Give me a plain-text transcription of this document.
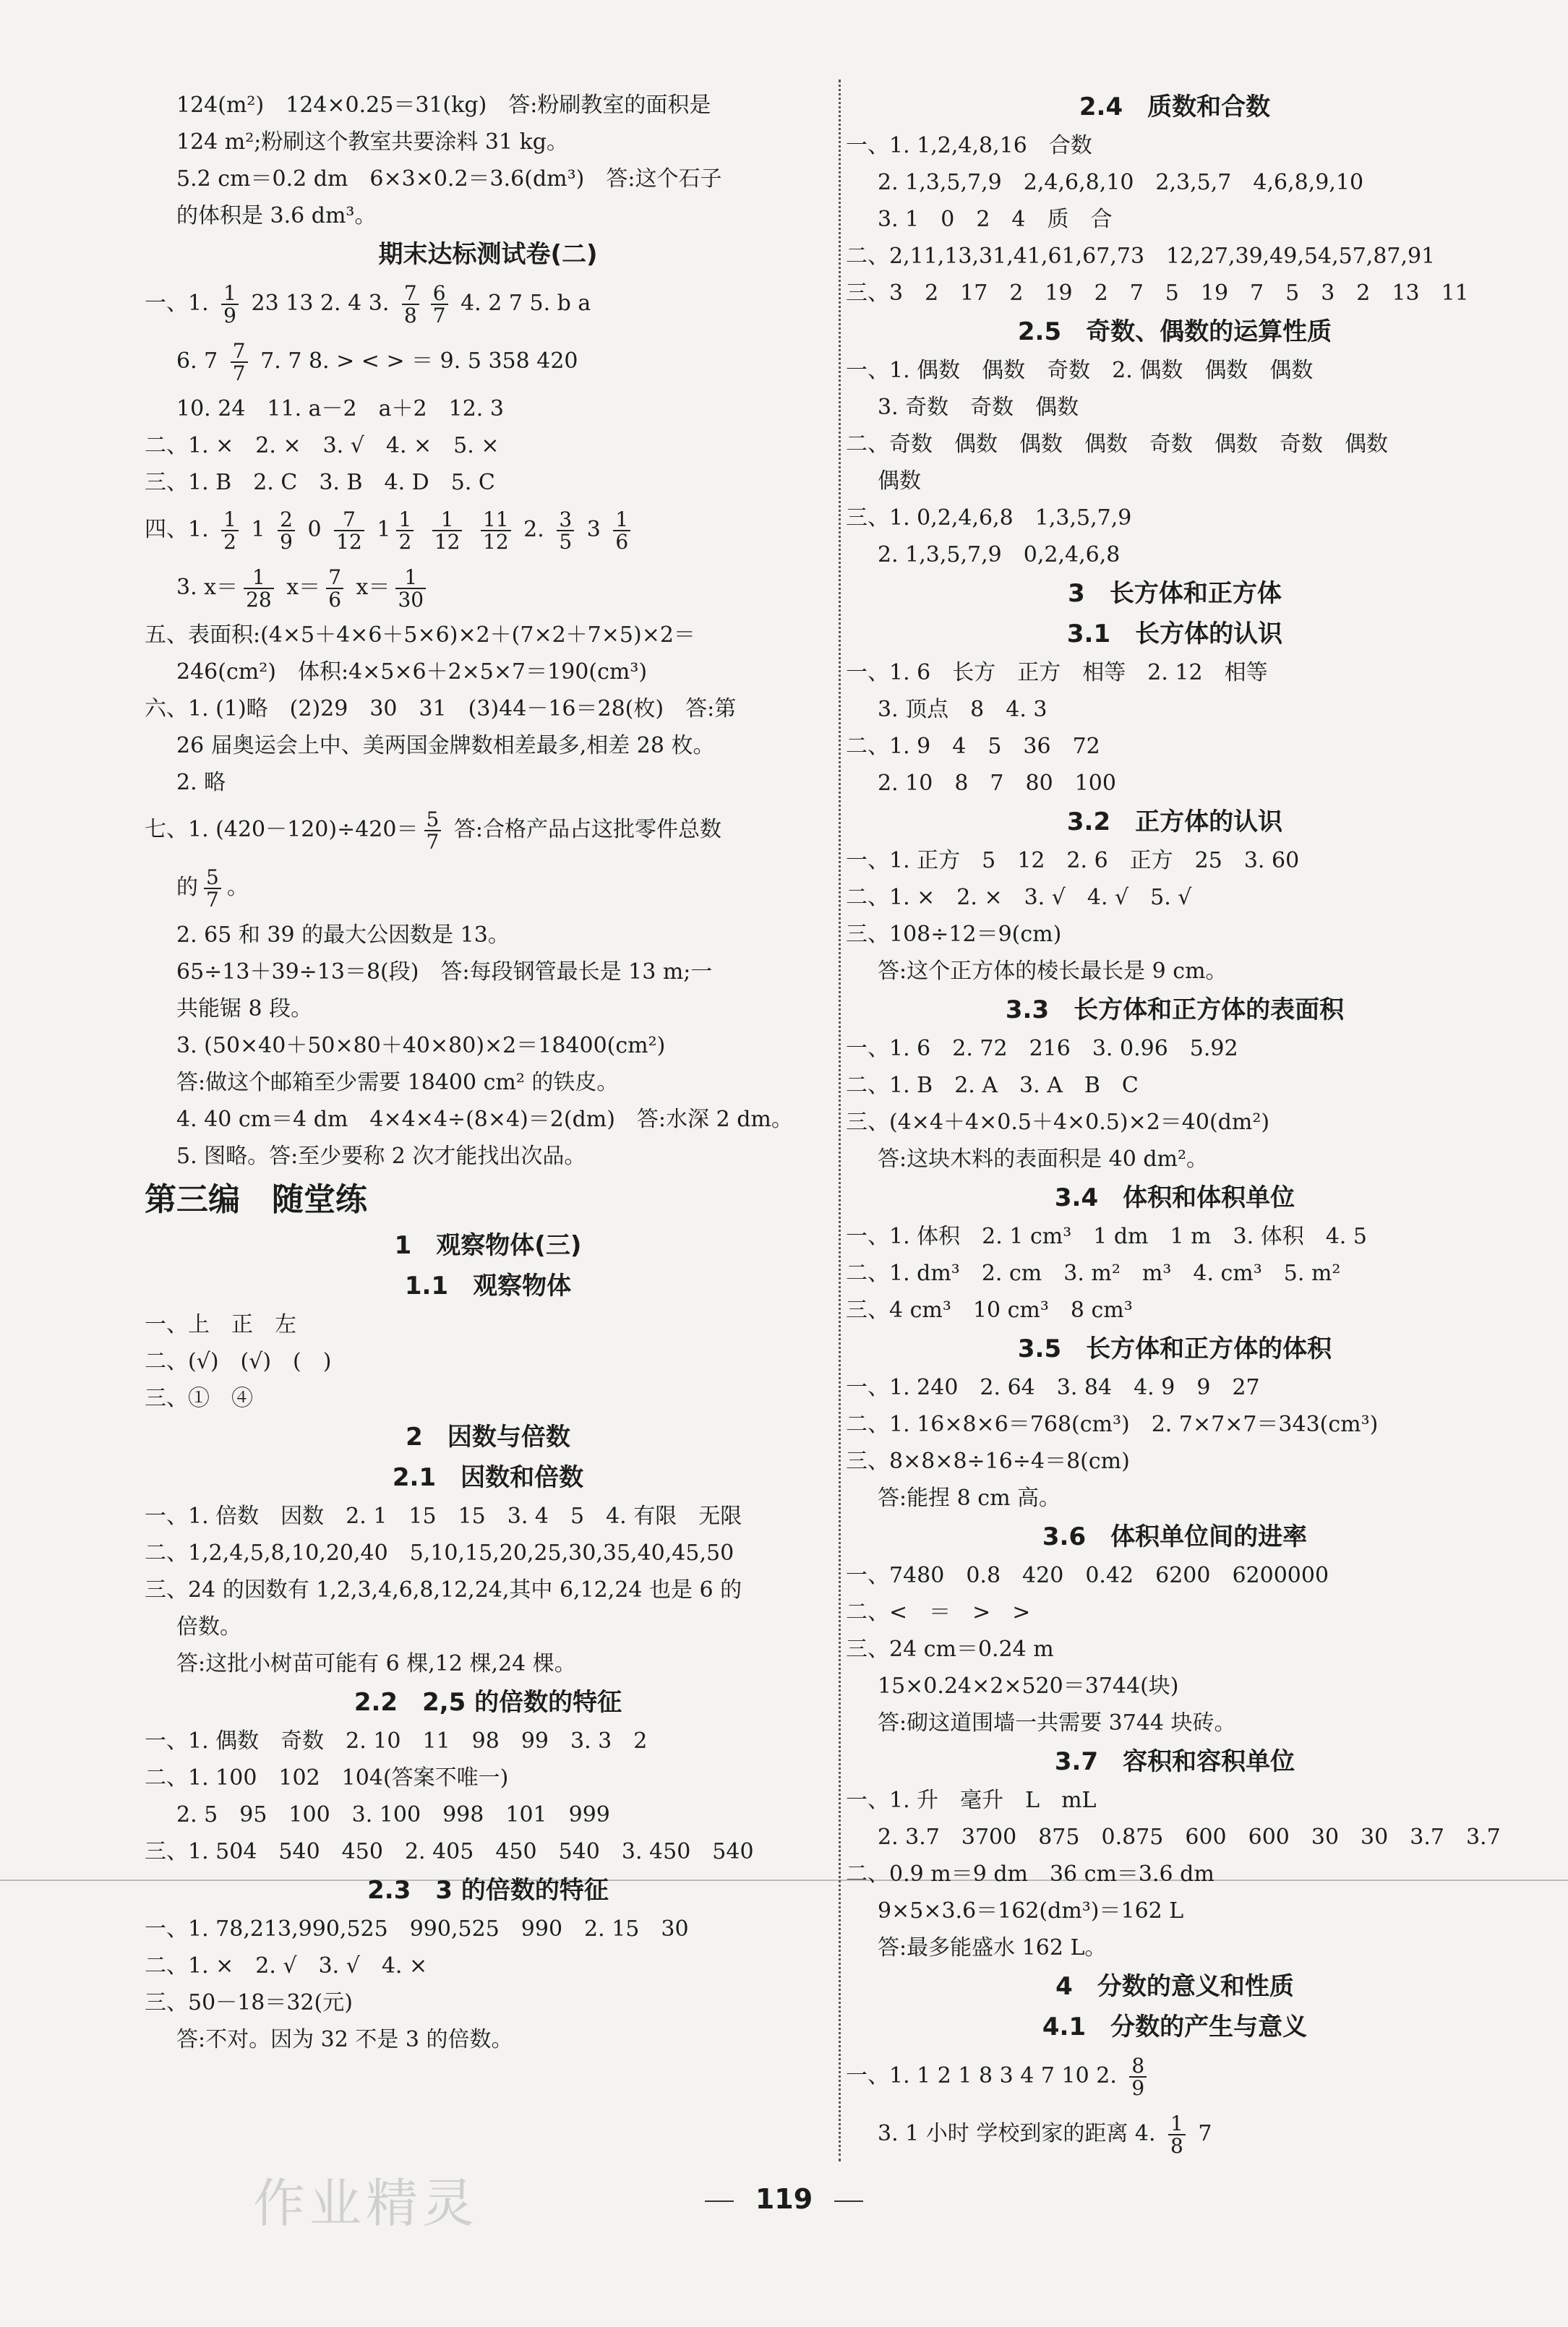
124(m²)　124×0.25＝31(kg)　答:粉刷教室的面积是
124 m²;粉刷这个教室共要涂料 31 kg。
5.2 cm＝0.2 dm　6×3×0.2＝3.6(dm³)　答:这个石子
的体积是 3.6 dm³。
期末达标测试卷(二)
一、1. $\frac{1}{9} 23$ 13 2. 4 3. $\frac{7}{8} \frac{6}{7} 4$. 2 7 5. b a
6. $7 \frac{7}{7} 7$. 7 8. > < > ＝ 9. 5 358 420
10. 24　11. a－2　a＋2　12. 3
二、1. ×　2. ×　3. √　4. ×　5. ×
三、1. B　2. C　3. B　4. D　5. C
四、1. $\frac{1}{2} 1 \frac{2}{9} 0 \frac{7}{12} 1 \frac{1}{2}$
$\frac{1}{12}$
$\frac{11}{12} 2$. $\frac{3}{5} 3 \frac{1}{6}$
3. $x= \frac{1}{28} x= \frac{7}{6} x= \frac{1}{30}$
五、表面积:(4×5＋4×6＋5×6)×2＋(7×2＋7×5)×2＝
246(cm²)　体积:4×5×6＋2×5×7＝190(cm³)
六、1. (1)略　(2)29　30　31　(3)44－16＝28(枚)　答:第
26 届奥运会上中、美两国金牌数相差最多,相差 28 枚。
2. 略
七、1. $(420-120)\div 420= \frac{5}{7}$ 答:合格产品占这批零件总数
的 $\frac{5}{7}$ 。
2. 65 和 39 的最大公因数是 13。
65÷13＋39÷13＝8(段)　答:每段钢管最长是 13 m;一
共能锯 8 段。
3. (50×40＋50×80＋40×80)×2＝18400(cm²)
答:做这个邮箱至少需要 18400 cm² 的铁皮。
4. 40 cm＝4 dm　4×4×4÷(8×4)＝2(dm)　答:水深 2 dm。
5. 图略。答:至少要称 2 次才能找出次品。
第三编　随堂练
1　观察物体(三)
1.1　观察物体
一、上　正　左
二、(√)　(√)　(　)
三、①　④
2　因数与倍数
2.1　因数和倍数
一、1. 倍数　因数　2. 1　15　15　3. 4　5　4. 有限　无限
二、1,2,4,5,8,10,20,40　5,10,15,20,25,30,35,40,45,50
三、24 的因数有 1,2,3,4,6,8,12,24,其中 6,12,24 也是 6 的
倍数。
答:这批小树苗可能有 6 棵,12 棵,24 棵。
2.2　2,5 的倍数的特征
一、1. 偶数　奇数　2. 10　11　98　99　3. 3　2
二、1. 100　102　104(答案不唯一)
2. 5　95　100　3. 100　998　101　999
三、1. 504　540　450　2. 405　450　540　3. 450　540
2.3　3 的倍数的特征
一、1. 78,213,990,525　990,525　990　2. 15　30
二、1. ×　2. √　3. √　4. ×
三、50－18＝32(元)
答:不对。因为 32 不是 3 的倍数。
2.4　质数和合数
一、1. 1,2,4,8,16　合数
2. 1,3,5,7,9　2,4,6,8,10　2,3,5,7　4,6,8,9,10
3. 1　0　2　4　质　合
二、2,11,13,31,41,61,67,73　12,27,39,49,54,57,87,91
三、3　2　17　2　19　2　7　5　19　7　5　3　2　13　11
2.5　奇数、偶数的运算性质
一、1. 偶数　偶数　奇数　2. 偶数　偶数　偶数
3. 奇数　奇数　偶数
二、奇数　偶数　偶数　偶数　奇数　偶数　奇数　偶数
偶数
三、1. 0,2,4,6,8　1,3,5,7,9
2. 1,3,5,7,9　0,2,4,6,8
3　长方体和正方体
3.1　长方体的认识
一、1. 6　长方　正方　相等　2. 12　相等
3. 顶点　8　4. 3
二、1. 9　4　5　36　72
2. 10　8　7　80　100
3.2　正方体的认识
一、1. 正方　5　12　2. 6　正方　25　3. 60
二、1. ×　2. ×　3. √　4. √　5. √
三、108÷12＝9(cm)
答:这个正方体的棱长最长是 9 cm。
3.3　长方体和正方体的表面积
一、1. 6　2. 72　216　3. 0.96　5.92
二、1. B　2. A　3. A　B　C
三、(4×4＋4×0.5＋4×0.5)×2＝40(dm²)
答:这块木料的表面积是 40 dm²。
3.4　体积和体积单位
一、1. 体积　2. 1 cm³　1 dm　1 m　3. 体积　4. 5
二、1. dm³　2. cm　3. m²　m³　4. cm³　5. m²
三、4 cm³　10 cm³　8 cm³
3.5　长方体和正方体的体积
一、1. 240　2. 64　3. 84　4. 9　9　27
二、1. 16×8×6＝768(cm³)　2. 7×7×7＝343(cm³)
三、8×8×8÷16÷4＝8(cm)
答:能捏 8 cm 高。
3.6　体积单位间的进率
一、7480　0.8　420　0.42　6200　6200000
二、<　＝　>　>
三、24 cm＝0.24 m
15×0.24×2×520＝3744(块)
答:砌这道围墙一共需要 3744 块砖。
3.7　容积和容积单位
一、1. 升　毫升　L　mL
2. 3.7　3700　875　0.875　600　600　30　30　3.7　3.7
二、0.9 m＝9 dm　36 cm＝3.6 dm
9×5×3.6＝162(dm³)＝162 L
答:最多能盛水 162 L。
4　分数的意义和性质
4.1　分数的产生与意义
一、1. 1 2 1 8 3 4 7 10 2. $\frac{8}{9}$
3. 1 小时 学校到家的距离 4. $\frac{1}{8} 7$
作业精灵	119
